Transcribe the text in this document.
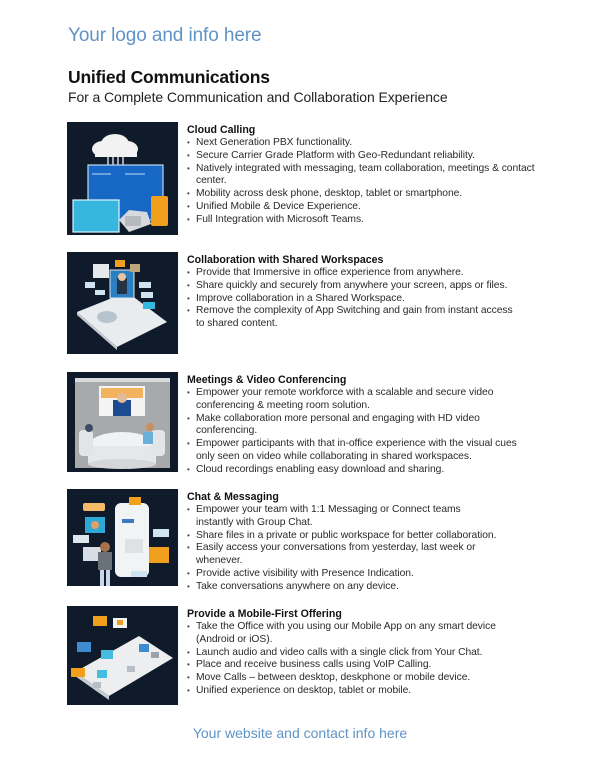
Your logo and info here
Unified Communications
For a Complete Communication and Collaboration Experience
Cloud Calling
• Next Generation PBX functionality.
• Secure Carrier Grade Platform with Geo-Redundant reliability.
• Natively integrated with messaging, team collaboration, meetings & contact center.
• Mobility across desk phone, desktop, tablet or smartphone.
• Unified Mobile & Device Experience.
• Full Integration with Microsoft Teams.
Collaboration with Shared Workspaces
• Provide that Immersive in office experience from anywhere.
• Share quickly and securely from anywhere your screen, apps or files.
• Improve collaboration in a Shared Workspace.
• Remove the complexity of App Switching and gain from instant access to shared content.
Meetings & Video Conferencing
• Empower your remote workforce with a scalable and secure video conferencing & meeting room solution.
• Make collaboration more personal and engaging with HD video conferencing.
• Empower participants with that in-office experience with the visual cues only seen on video while collaborating in shared workspaces.
• Cloud recordings enabling easy download and sharing.
Chat & Messaging
• Empower your team with 1:1 Messaging or Connect teams instantly with Group Chat.
• Share files in a private or public workspace for better collaboration.
• Easily access your conversations from yesterday, last week or whenever.
• Provide active visibility with Presence Indication.
• Take conversations anywhere on any device.
Provide a Mobile-First Offering
• Take the Office with you using our Mobile App on any smart device (Android or iOS).
• Launch audio and video calls with a single click from Your Chat.
• Place and receive business calls using VoIP Calling.
• Move Calls – between desktop, deskphone or mobile device.
• Unified experience on desktop, tablet or mobile.
Your website and contact info here
